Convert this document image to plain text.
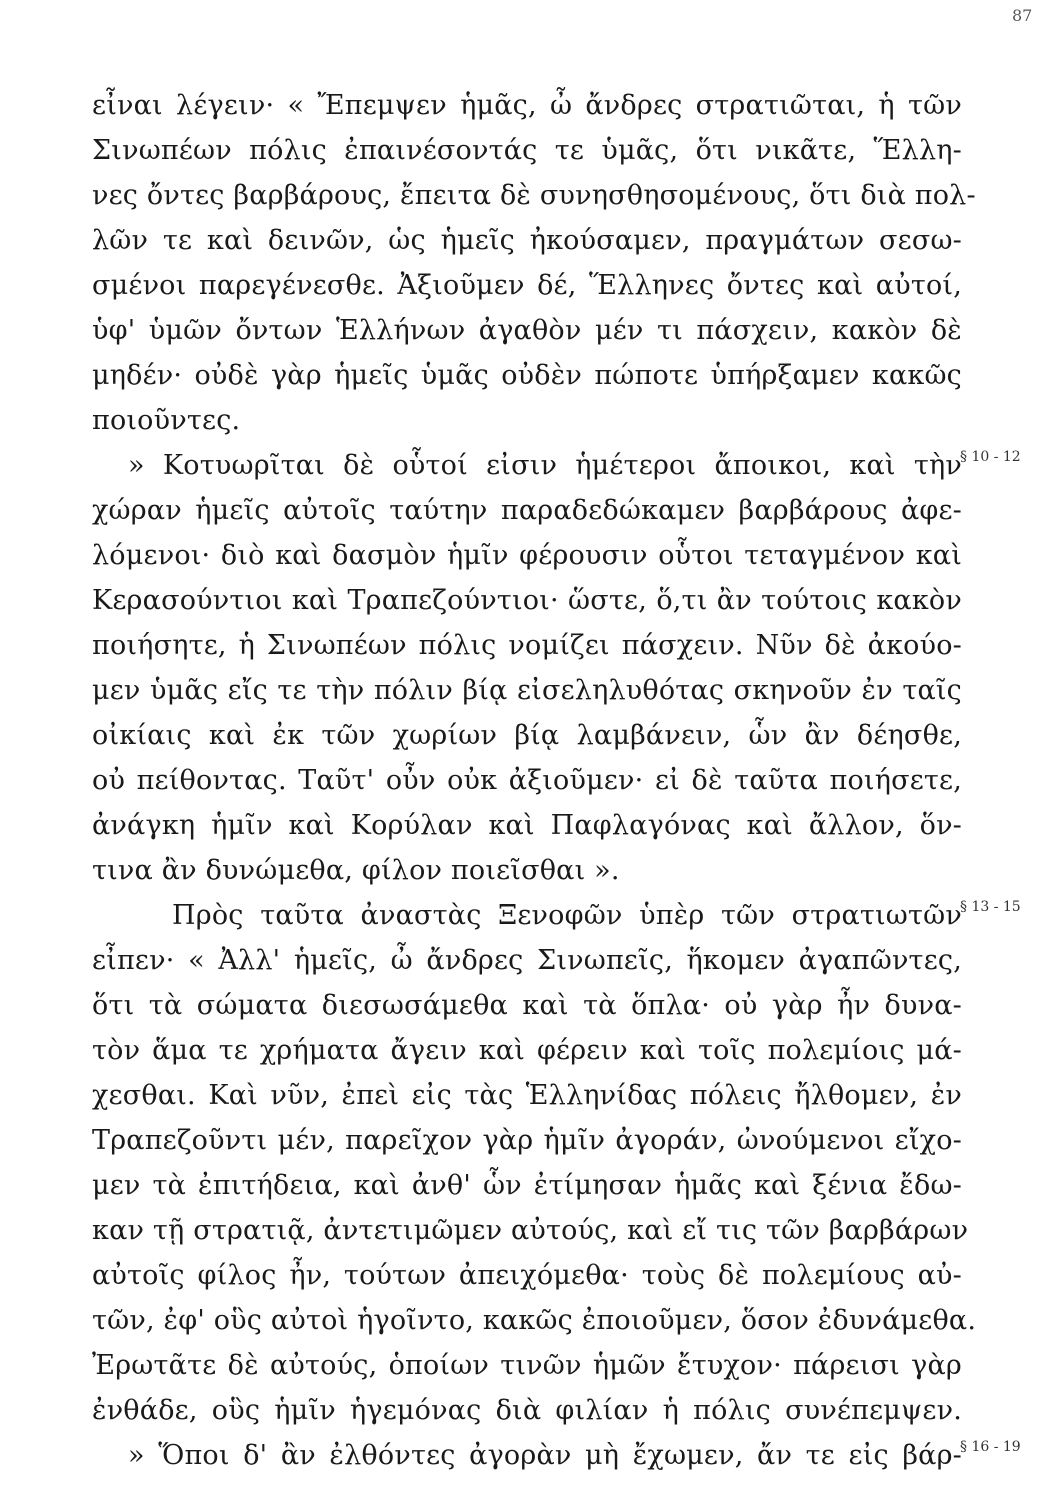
87
εἶναι λέγειν· « Ἔπεμψεν ἡμᾶς, ὦ ἄνδρες στρατιῶται, ἡ τῶν
Σινωπέων πόλις ἐπαινέσοντάς τε ὑμᾶς, ὅτι νικᾶτε, Ἕλλη-
νες ὄντες βαρβάρους, ἔπειτα δὲ συνησθησομένους, ὅτι διὰ πολ-
λῶν τε καὶ δεινῶν, ὡς ἡμεῖς ἠκούσαμεν, πραγμάτων σεσω-
σμένοι παρεγένεσθε. Ἀξιοῦμεν δέ, Ἕλληνες ὄντες καὶ αὐτοί,
ὑφ' ὑμῶν ὄντων Ἑλλήνων ἀγαθὸν μέν τι πάσχειν, κακὸν δὲ
μηδέν· οὐδὲ γὰρ ἡμεῖς ὑμᾶς οὐδὲν πώποτε ὑπήρξαμεν κακῶς
ποιοῦντες.
» Κοτυωρῖται δὲ οὗτοί εἰσιν ἡμέτεροι ἄποικοι, καὶ τὴν
χώραν ἡμεῖς αὐτοῖς ταύτην παραδεδώκαμεν βαρβάρους ἀφε-
λόμενοι· διὸ καὶ δασμὸν ἡμῖν φέρουσιν οὗτοι τεταγμένον καὶ
Κερασούντιοι καὶ Τραπεζούντιοι· ὥστε, ὅ,τι ἂν τούτοις κακὸν
ποιήσητε, ἡ Σινωπέων πόλις νομίζει πάσχειν. Νῦν δὲ ἀκούο-
μεν ὑμᾶς εἴς τε τὴν πόλιν βίᾳ εἰσεληλυθότας σκηνοῦν ἐν ταῖς
οἰκίαις καὶ ἐκ τῶν χωρίων βίᾳ λαμβάνειν, ὧν ἂν δέησθε,
οὐ πείθοντας. Ταῦτ' οὖν οὐκ ἀξιοῦμεν· εἰ δὲ ταῦτα ποιήσετε,
ἀνάγκη ἡμῖν καὶ Κορύλαν καὶ Παφλαγόνας καὶ ἄλλον, ὅν-
τινα ἂν δυνώμεθα, φίλον ποιεῖσθαι ».
Πρὸς ταῦτα ἀναστὰς Ξενοφῶν ὑπὲρ τῶν στρατιωτῶν
εἶπεν· « Ἀλλ' ἡμεῖς, ὦ ἄνδρες Σινωπεῖς, ἥκομεν ἀγαπῶντες,
ὅτι τὰ σώματα διεσωσάμεθα καὶ τὰ ὅπλα· οὐ γὰρ ἦν δυνα-
τὸν ἅμα τε χρήματα ἄγειν καὶ φέρειν καὶ τοῖς πολεμίοις μά-
χεσθαι. Καὶ νῦν, ἐπεὶ εἰς τὰς Ἑλληνίδας πόλεις ἤλθομεν, ἐν
Τραπεζοῦντι μέν, παρεῖχον γὰρ ἡμῖν ἀγοράν, ὠνούμενοι εἴχο-
μεν τὰ ἐπιτήδεια, καὶ ἀνθ' ὧν ἐτίμησαν ἡμᾶς καὶ ξένια ἔδω-
καν τῇ στρατιᾷ, ἀντετιμῶμεν αὐτούς, καὶ εἴ τις τῶν βαρβάρων
αὐτοῖς φίλος ἦν, τούτων ἀπειχόμεθα· τοὺς δὲ πολεμίους αὐ-
τῶν, ἐφ' οὓς αὐτοὶ ἡγοῖντο, κακῶς ἐποιοῦμεν, ὅσον ἐδυνάμεθα.
Ἐρωτᾶτε δὲ αὐτούς, ὁποίων τινῶν ἡμῶν ἔτυχον· πάρεισι γὰρ
ἐνθάδε, οὓς ἡμῖν ἡγεμόνας διὰ φιλίαν ἡ πόλις συνέπεμψεν.
» Ὅποι δ' ἂν ἐλθόντες ἀγορὰν μὴ ἔχωμεν, ἄν τε εἰς βάρ-
§ 10 - 12
§ 13 - 15
§ 16 - 19
